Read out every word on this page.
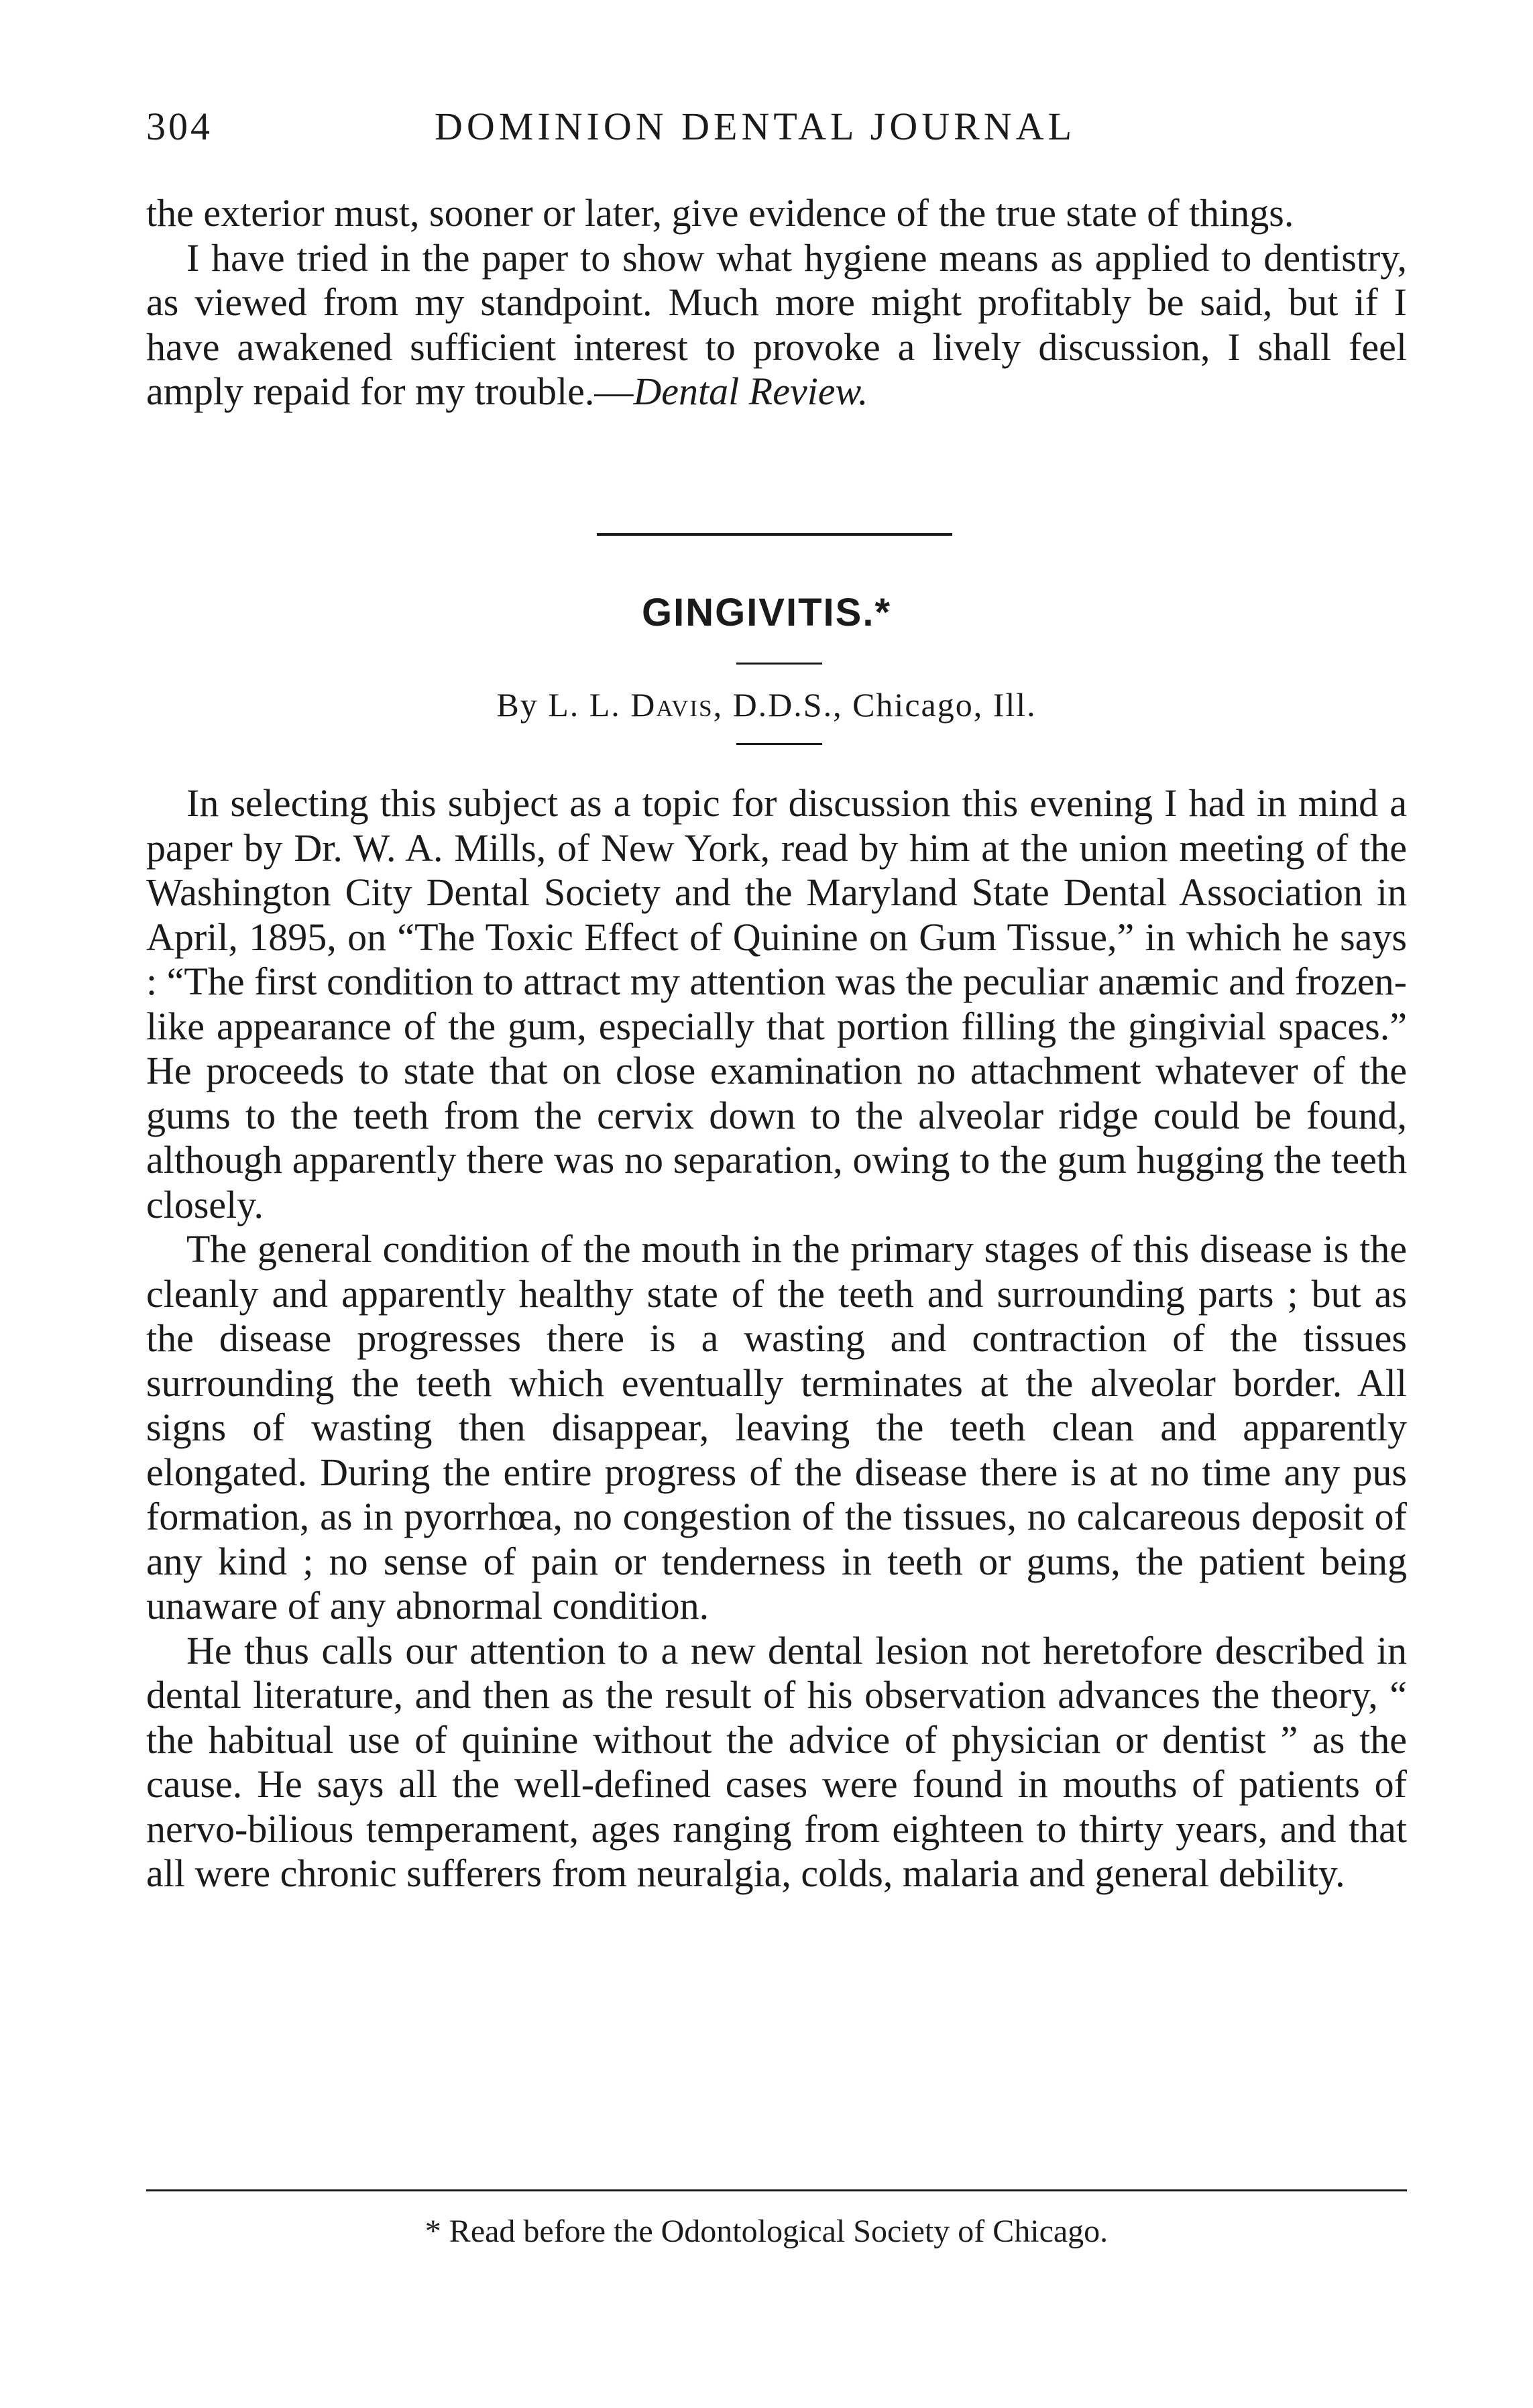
304	DOMINION DENTAL JOURNAL

the exterior must, sooner or later, give evidence of the true state of things.

I have tried in the paper to show what hygiene means as applied to dentistry, as viewed from my standpoint. Much more might profitably be said, but if I have awakened sufficient interest to provoke a lively discussion, I shall feel amply repaid for my trouble.—Dental Review.

GINGIVITIS.*
By L. L. Davis, D.D.S., Chicago, Ill.

In selecting this subject as a topic for discussion this evening I had in mind a paper by Dr. W. A. Mills, of New York, read by him at the union meeting of the Washington City Dental Society and the Maryland State Dental Association in April, 1895, on “The Toxic Effect of Quinine on Gum Tissue,” in which he says : “The first condition to attract my attention was the peculiar anæmic and frozen-like appearance of the gum, especially that portion filling the gingivial spaces.” He proceeds to state that on close examination no attachment whatever of the gums to the teeth from the cervix down to the alveolar ridge could be found, although apparently there was no separation, owing to the gum hugging the teeth closely.

The general condition of the mouth in the primary stages of this disease is the cleanly and apparently healthy state of the teeth and surrounding parts ; but as the disease progresses there is a wasting and contraction of the tissues surrounding the teeth which eventually terminates at the alveolar border. All signs of wasting then disappear, leaving the teeth clean and apparently elongated. During the entire progress of the disease there is at no time any pus formation, as in pyorrhœa, no congestion of the tissues, no calcareous deposit of any kind ; no sense of pain or tenderness in teeth or gums, the patient being unaware of any abnormal condition.

He thus calls our attention to a new dental lesion not heretofore described in dental literature, and then as the result of his observation advances the theory, “ the habitual use of quinine without the advice of physician or dentist ” as the cause. He says all the well-defined cases were found in mouths of patients of nervo-bilious temperament, ages ranging from eighteen to thirty years, and that all were chronic sufferers from neuralgia, colds, malaria and general debility.

* Read before the Odontological Society of Chicago.
